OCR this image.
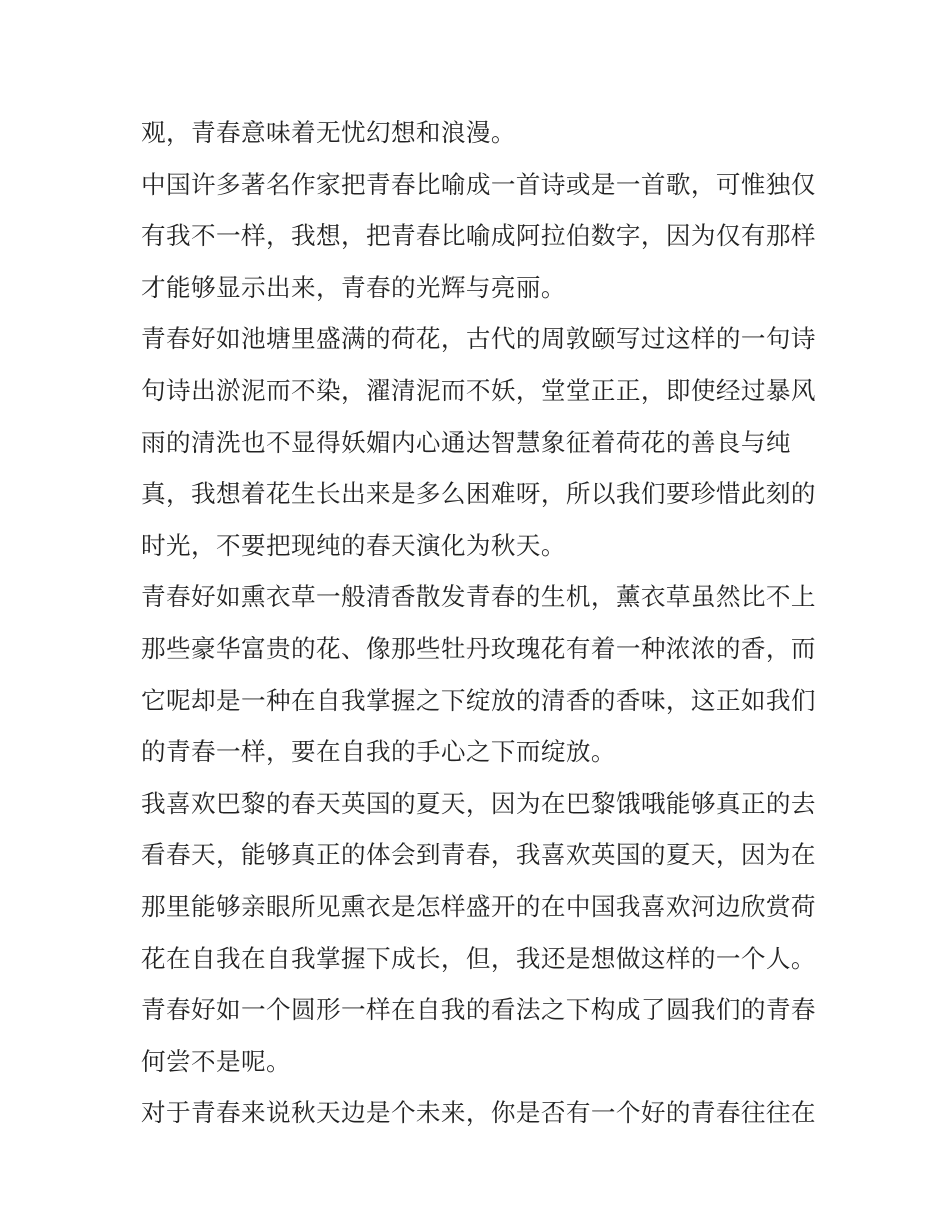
观，青春意味着无忧幻想和浪漫。
中国许多著名作家把青春比喻成一首诗或是一首歌，可惟独仅
有我不一样，我想，把青春比喻成阿拉伯数字，因为仅有那样
才能够显示出来，青春的光辉与亮丽。
青春好如池塘里盛满的荷花，古代的周敦颐写过这样的一句诗
句诗出淤泥而不染，濯清泥而不妖，堂堂正正，即使经过暴风
雨的清洗也不显得妖媚内心通达智慧象征着荷花的善良与纯
真，我想着花生长出来是多么困难呀，所以我们要珍惜此刻的
时光，不要把现纯的春天演化为秋天。
青春好如熏衣草一般清香散发青春的生机，薰衣草虽然比不上
那些豪华富贵的花、像那些牡丹玫瑰花有着一种浓浓的香，而
它呢却是一种在自我掌握之下绽放的清香的香味，这正如我们
的青春一样，要在自我的手心之下而绽放。
我喜欢巴黎的春天英国的夏天，因为在巴黎饿哦能够真正的去
看春天，能够真正的体会到青春，我喜欢英国的夏天，因为在
那里能够亲眼所见熏衣是怎样盛开的在中国我喜欢河边欣赏荷
花在自我在自我掌握下成长，但，我还是想做这样的一个人。
青春好如一个圆形一样在自我的看法之下构成了圆我们的青春
何尝不是呢。
对于青春来说秋天边是个未来，你是否有一个好的青春往往在
